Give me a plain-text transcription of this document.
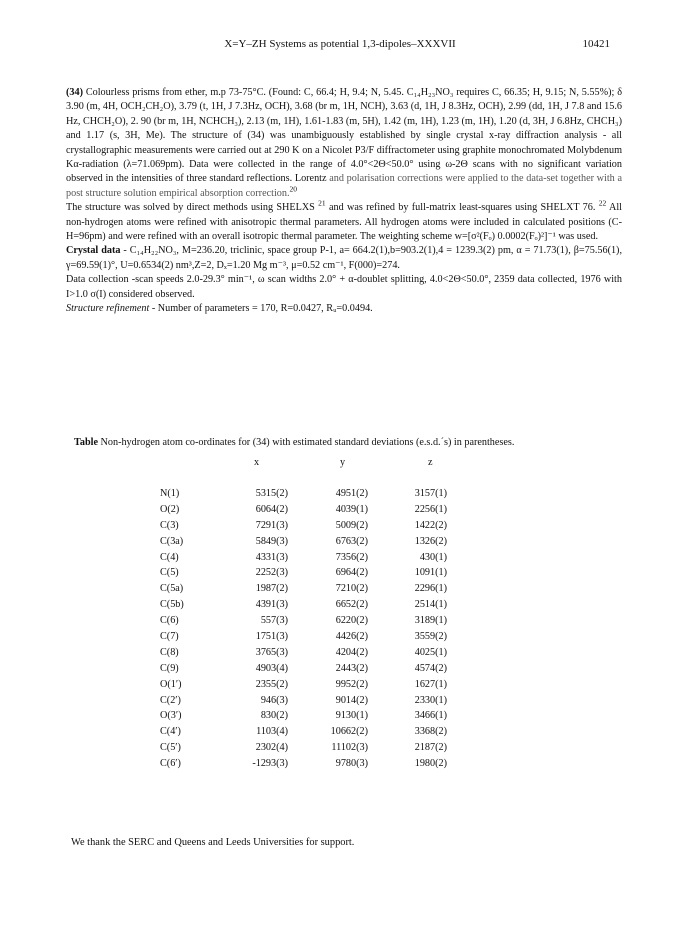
X=Y–ZH Systems as potential 1,3-dipoles–XXXVII	10421

(34) Colourless prisms from ether, m.p 73-75°C. (Found: C, 66.4; H, 9.4; N, 5.45. C₁₄H₂₃NO₃ requires C, 66.35; H, 9.15; N, 5.55%); δ 3.90 (m, 4H, OCH₂CH₂O), 3.79 (t, 1H, J 7.3Hz, OCH), 3.68 (br m, 1H, NCH), 3.63 (d, 1H, J 8.3Hz, OCH), 2.99 (dd, 1H, J 7.8 and 15.6 Hz, CHCH₂O), 2. 90 (br m, 1H, NCHCH₃), 2.13 (m, 1H), 1.61-1.83 (m, 5H), 1.42 (m, 1H), 1.23 (m, 1H), 1.20 (d, 3H, J 6.8Hz, CHCH₃) and 1.17 (s, 3H, Me). The structure of (34) was unambiguously established by single crystal x-ray diffraction analysis - all crystallographic measurements were carried out at 290 K on a Nicolet P3/F diffractometer using graphite monochromated Molybdenum Kα-radiation (λ=71.069pm). Data were collected in the range of 4.0°<2Θ<50.0° using ω-2Θ scans with no significant variation observed in the intensities of three standard reflections. Lorentz and polarisation corrections were applied to the data-set together with a post structure solution empirical absorption correction.$^{20}$

The structure was solved by direct methods using SHELXS $^{21}$ and was refined by full-matrix least-squares using SHELXT 76. $^{22}$ All non-hydrogen atoms were refined with anisotropic thermal parameters. All hydrogen atoms were included in calculated positions (C-H=96pm) and were refined with an overall isotropic thermal parameter. The weighting scheme w=[σ²(Fₒ) 0.0002(Fₒ)²]⁻¹ was used.

Crystal data - C₁₄H₂₂NO₃, M=236.20, triclinic, space group P-1, a= 664.2(1),b=903.2(1),4 = 1239.3(2) pm, α = 71.73(1), β=75.56(1), γ=69.59(1)°, U=0.6534(2) nm³,Z=2, Dₓ=1.20 Mg m⁻³, μ=0.52 cm⁻¹, F(000)=274.

Data collection -scan speeds 2.0-29.3° min⁻¹, ω scan widths 2.0° + α-doublet splitting, 4.0<2Θ<50.0°, 2359 data collected, 1976 with I>1.0 σ(I) considered observed.

Structure refinement - Number of parameters = 170, R=0.0427, Rᵤ=0.0494.

Table Non-hydrogen atom co-ordinates for (34) with estimated standard deviations (e.s.d.´s) in parentheses.
x	y	z
N(1)	5315(2)	4951(2)	3157(1)
O(2)	6064(2)	4039(1)	2256(1)
C(3)	7291(3)	5009(2)	1422(2)
C(3a)	5849(3)	6763(2)	1326(2)
C(4)	4331(3)	7356(2)	430(1)
C(5)	2252(3)	6964(2)	1091(1)
C(5a)	1987(2)	7210(2)	2296(1)
C(5b)	4391(3)	6652(2)	2514(1)
C(6)	557(3)	6220(2)	3189(1)
C(7)	1751(3)	4426(2)	3559(2)
C(8)	3765(3)	4204(2)	4025(1)
C(9)	4903(4)	2443(2)	4574(2)
O(1′)	2355(2)	9952(2)	1627(1)
C(2′)	946(3)	9014(2)	2330(1)
O(3′)	830(2)	9130(1)	3466(1)
C(4′)	1103(4)	10662(2)	3368(2)
C(5′)	2302(4)	11102(3)	2187(2)
C(6′)	-1293(3)	9780(3)	1980(2)
We thank the SERC and Queens and Leeds Universities for support.
